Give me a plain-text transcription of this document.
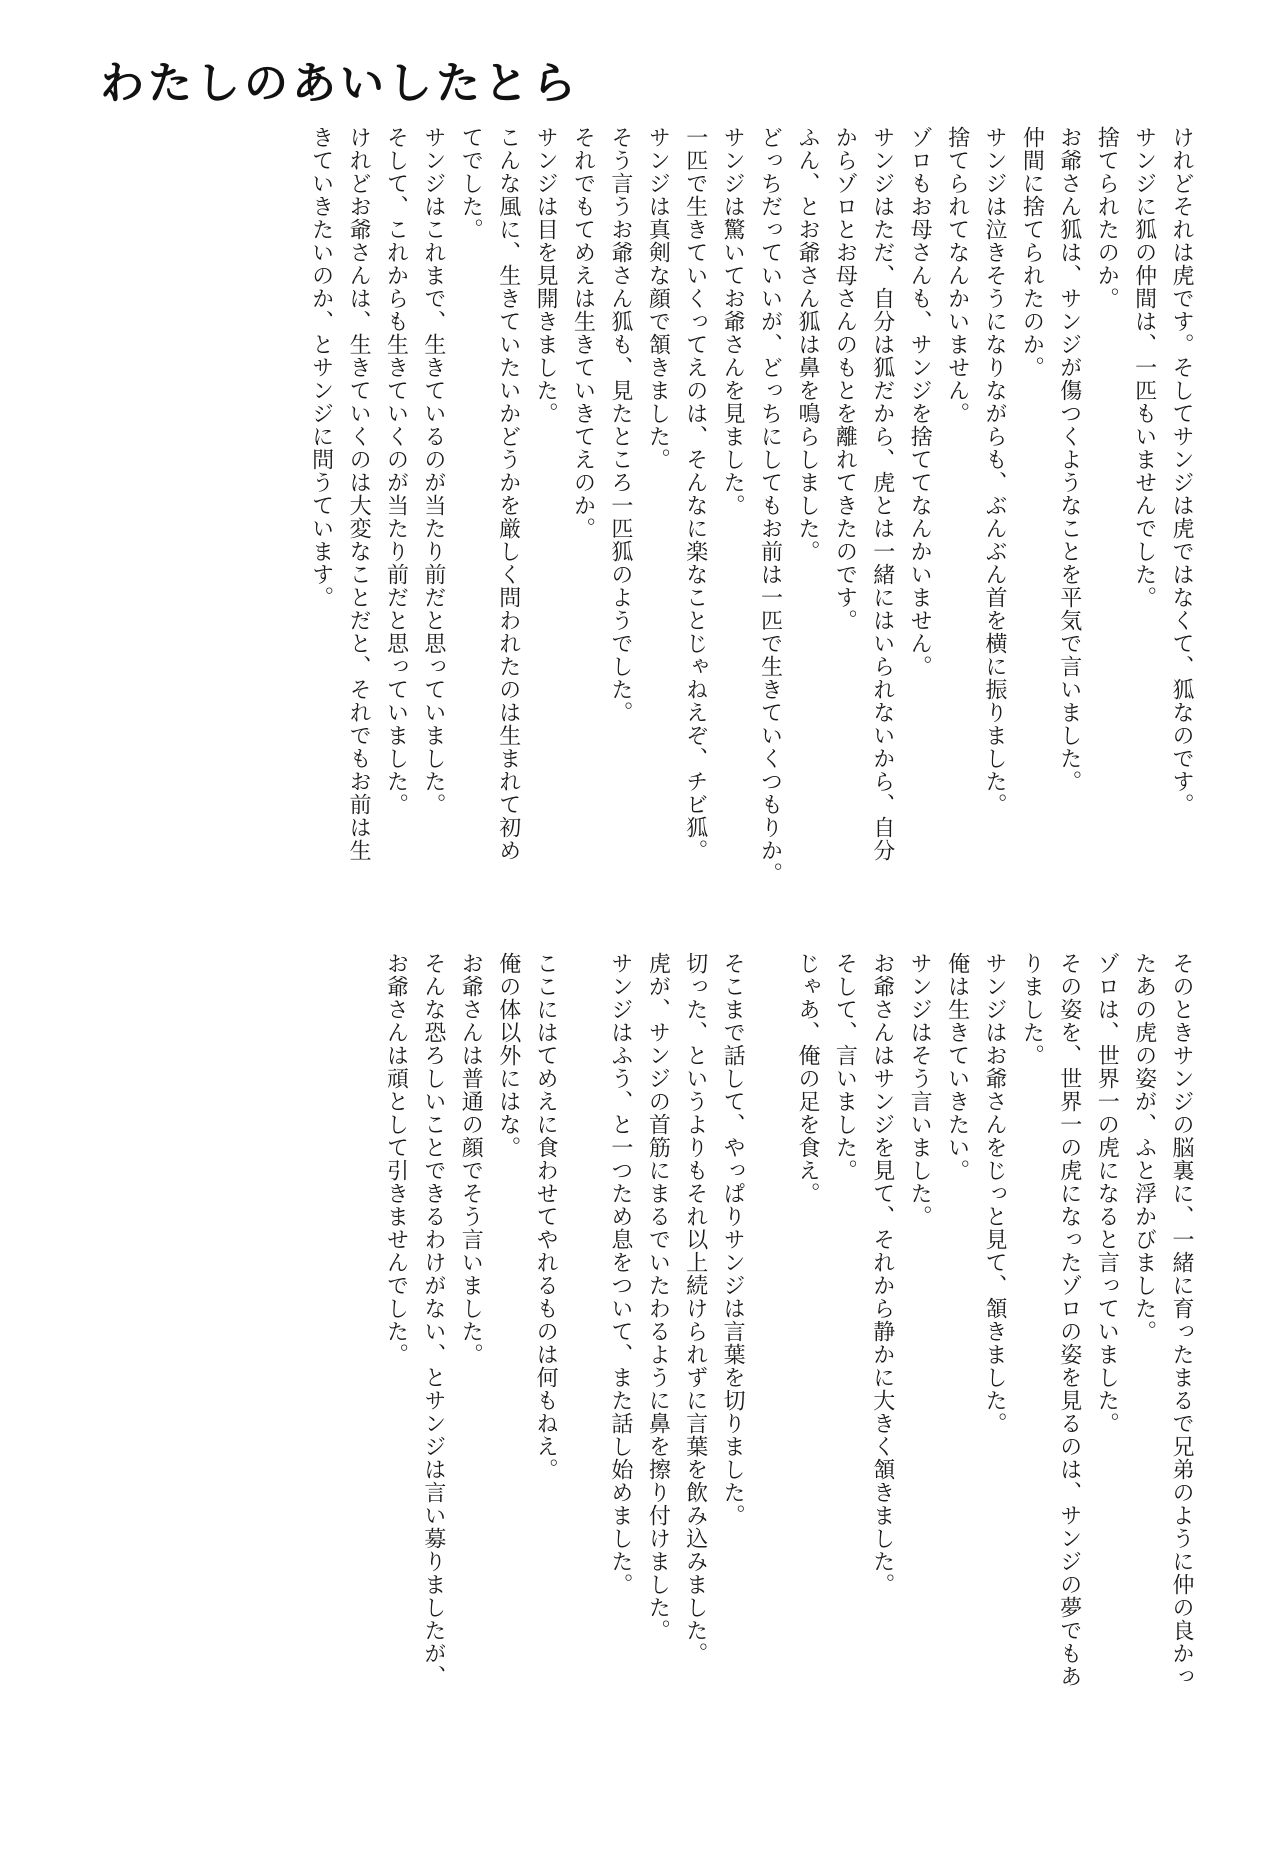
わたしのあいしたとら
けれどそれは虎です。そしてサンジは虎ではなくて、狐なのです。
サンジに狐の仲間は、一匹もいませんでした。
捨てられたのか。
お爺さん狐は、サンジが傷つくようなことを平気で言いました。
仲間に捨てられたのか。
サンジは泣きそうになりながらも、ぶんぶん首を横に振りました。
捨てられてなんかいません。
ゾロもお母さんも、サンジを捨ててなんかいません。
サンジはただ、自分は狐だから、虎とは一緒にはいられないから、自分
からゾロとお母さんのもとを離れてきたのです。
ふん、とお爺さん狐は鼻を鳴らしました。
どっちだっていいが、どっちにしてもお前は一匹で生きていくつもりか。
サンジは驚いてお爺さんを見ました。
一匹で生きていくってえのは、そんなに楽なことじゃねえぞ、チビ狐。
サンジは真剣な顔で頷きました。
そう言うお爺さん狐も、見たところ一匹狐のようでした。
それでもてめえは生きていきてえのか。
サンジは目を見開きました。
こんな風に、生きていたいかどうかを厳しく問われたのは生まれて初め
てでした。
サンジはこれまで、生きているのが当たり前だと思っていました。
そして、これからも生きていくのが当たり前だと思っていました。
けれどお爺さんは、生きていくのは大変なことだと、それでもお前は生
きていきたいのか、とサンジに問うています。
そのときサンジの脳裏に、一緒に育ったまるで兄弟のように仲の良かっ
たあの虎の姿が、ふと浮かびました。
ゾロは、世界一の虎になると言っていました。
その姿を、世界一の虎になったゾロの姿を見るのは、サンジの夢でもあ
りました。
サンジはお爺さんをじっと見て、頷きました。
俺は生きていきたい。
サンジはそう言いました。
お爺さんはサンジを見て、それから静かに大きく頷きました。
そして、言いました。
じゃあ、俺の足を食え。

そこまで話して、やっぱりサンジは言葉を切りました。
切った、というよりもそれ以上続けられずに言葉を飲み込みました。
虎が、サンジの首筋にまるでいたわるように鼻を擦り付けました。
サンジはふう、と一つため息をついて、また話し始めました。

ここにはてめえに食わせてやれるものは何もねえ。
俺の体以外にはな。
お爺さんは普通の顔でそう言いました。
そんな恐ろしいことできるわけがない、とサンジは言い募りましたが、
お爺さんは頑として引きませんでした。
